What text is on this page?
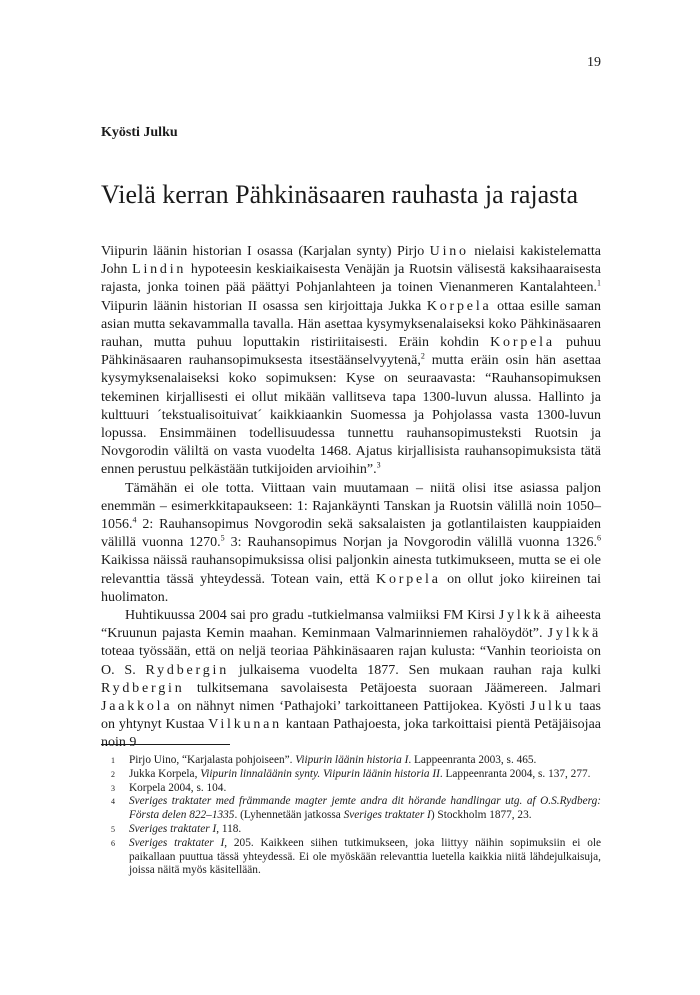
19
Kyösti Julku
Vielä kerran Pähkinäsaaren rauhasta ja rajasta

Viipurin läänin historian I osassa (Karjalan synty) Pirjo Uino nielaisi kakistelematta John Lindin hypoteesin keskiaikaisesta Venäjän ja Ruotsin välisestä kaksihaaraisesta rajasta, jonka toinen pää päättyi Pohjanlahteen ja toinen Vienanmeren Kantalahteen.$^1$ Viipurin läänin historian II osassa sen kirjoittaja Jukka Korpela ottaa esille saman asian mutta sekavammalla tavalla. Hän asettaa kysymyksenalaiseksi koko Pähkinäsaaren rauhan, mutta puhuu loputtakin ristiriitaisesti. Eräin kohdin Korpela puhuu Pähkinäsaaren rauhansopimuksesta itsestäänselvyytenä,$^2$ mutta eräin osin hän asettaa kysymyksenalaiseksi koko sopimuksen: Kyse on seuraavasta: “Rauhansopimuksen tekeminen kirjallisesti ei ollut mikään vallitseva tapa 1300-luvun alussa. Hallinto ja kulttuuri ´tekstualisoituivat´ kaikkiaankin Suomessa ja Pohjolassa vasta 1300-luvun lopussa. Ensimmäinen todellisuudessa tunnettu rauhansopimusteksti Ruotsin ja Novgorodin väliltä on vasta vuodelta 1468. Ajatus kirjallisista rauhansopimuksista tätä ennen perustuu pelkästään tutkijoiden arvioihin”.$^3$

Tämähän ei ole totta. Viittaan vain muutamaan – niitä olisi itse asiassa paljon enemmän – esimerkkitapaukseen: 1: Rajankäynti Tanskan ja Ruotsin välillä noin 1050–1056.$^4$ 2: Rauhansopimus Novgorodin sekä saksalaisten ja gotlantilaisten kauppiaiden välillä vuonna 1270.$^5$ 3: Rauhansopimus Norjan ja Novgorodin välillä vuonna 1326.$^6$ Kaikissa näissä rauhansopimuksissa olisi paljonkin ainesta tutkimukseen, mutta se ei ole relevanttia tässä yhteydessä. Totean vain, että Korpela on ollut joko kiireinen tai huolimaton.

Huhtikuussa 2004 sai pro gradu -tutkielmansa valmiiksi FM Kirsi Jylkkä aiheesta “Kruunun pajasta Kemin maahan. Keminmaan Valmarinniemen rahalöydöt”. Jylkkä toteaa työssään, että on neljä teoriaa Pähkinäsaaren rajan kulusta: “Vanhin teorioista on O. S. Rydbergin julkaisema vuodelta 1877. Sen mukaan rauhan raja kulki Rydbergin tulkitsemana savolaisesta Petäjoesta suoraan Jäämereen. Jalmari Jaakkola on nähnyt nimen ‘Pathajoki’ tarkoittaneen Pattijokea. Kyösti Julku taas on yhtynyt Kustaa Vilkunan kantaan Pathajoesta, joka tarkoittaisi pientä Petäjäisojaa noin 9

1	Pirjo Uino, “Karjalasta pohjoiseen”. Viipurin läänin historia I. Lappeenranta 2003, s. 465.
2	Jukka Korpela, Viipurin linnaläänin synty. Viipurin läänin historia II. Lappeenranta 2004, s. 137, 277.
3	Korpela 2004, s. 104.
4	Sveriges traktater med främmande magter jemte andra dit hörande handlingar utg. af O.S.Rydberg: Första delen 822–1335. (Lyhennetään jatkossa Sveriges traktater I) Stockholm 1877, 23.
5	Sveriges traktater I, 118.
6	Sveriges traktater I, 205. Kaikkeen siihen tutkimukseen, joka liittyy näihin sopimuksiin ei ole paikallaan puuttua tässä yhteydessä. Ei ole myöskään relevanttia luetella kaikkia niitä lähdejulkaisuja, joissa näitä myös käsitellään.
